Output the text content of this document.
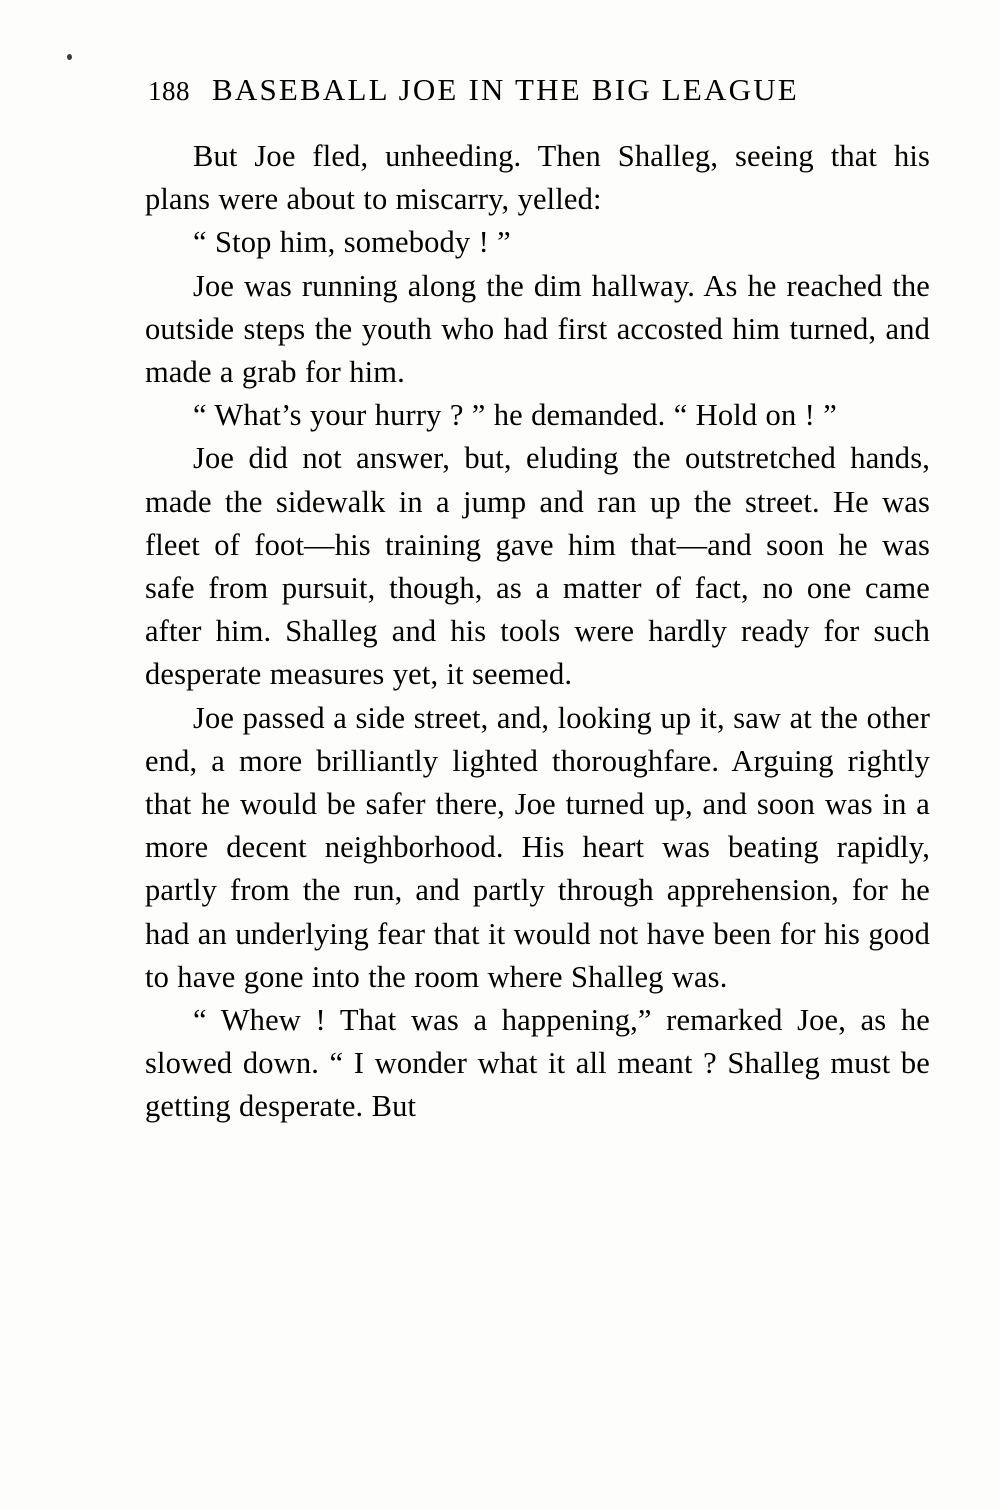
188 BASEBALL JOE IN THE BIG LEAGUE

But Joe fled, unheeding. Then Shalleg, seeing that his plans were about to miscarry, yelled:

“ Stop him, somebody ! ”

Joe was running along the dim hallway. As he reached the outside steps the youth who had first accosted him turned, and made a grab for him.

“ What’s your hurry ? ” he demanded. “ Hold on ! ”

Joe did not answer, but, eluding the outstretched hands, made the sidewalk in a jump and ran up the street. He was fleet of foot—his training gave him that—and soon he was safe from pursuit, though, as a matter of fact, no one came after him. Shalleg and his tools were hardly ready for such desperate measures yet, it seemed.

Joe passed a side street, and, looking up it, saw at the other end, a more brilliantly lighted thoroughfare. Arguing rightly that he would be safer there, Joe turned up, and soon was in a more decent neighborhood. His heart was beating rapidly, partly from the run, and partly through apprehension, for he had an underlying fear that it would not have been for his good to have gone into the room where Shalleg was.

“ Whew ! That was a happening,” remarked Joe, as he slowed down. “ I wonder what it all meant ? Shalleg must be getting desperate. But
